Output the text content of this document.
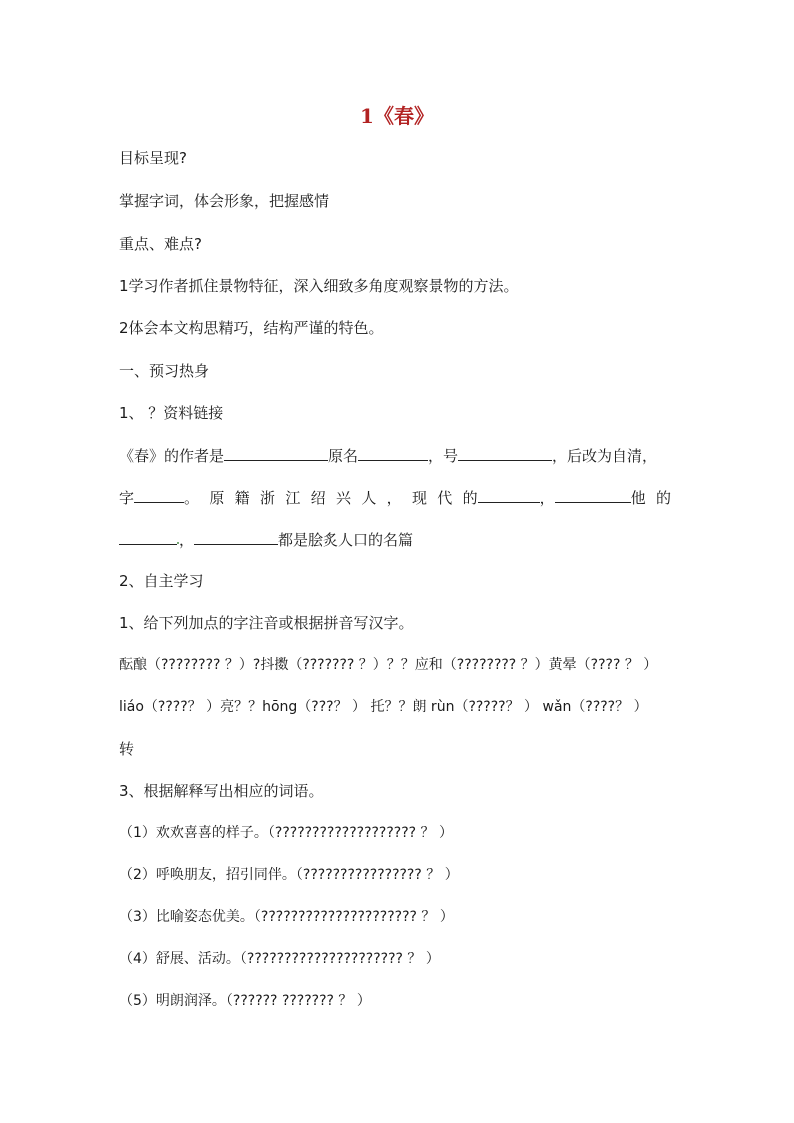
1《春》
目标呈现?
掌握字词，体会形象，把握感情
重点、难点?
1学习作者抓住景物特征，深入细致多角度观察景物的方法。
2体会本文构思精巧，结构严谨的特色。
一、预习热身
1、 ？资料链接
《春》的作者是	原名	，号	，后改为自清，
字	。 原 籍 浙 江 绍 兴 人 ， 现 代 的	，	他 的
，	都是脍炙人口的名篇
2、自主学习
1、给下列加点的字注音或根据拼音写汉字。
酝酿（???????? ？）?抖擞（??????? ？）？？应和（???????? ？）黄晕（???? ？ ）
liáo（????？ ）亮？？hōng（???？ ） 托？？朗 rùn（?????？ ） wǎn（????？ ）
转
3、根据解释写出相应的词语。
（1）欢欢喜喜的样子。（??????????????????? ？ ）
（2）呼唤朋友，招引同伴。（???????????????? ？ ）
（3）比喻姿态优美。（????????????????????? ？ ）
（4）舒展、活动。（????????????????????? ？ ）
（5）明朗润泽。（?????? ??????? ？ ）
